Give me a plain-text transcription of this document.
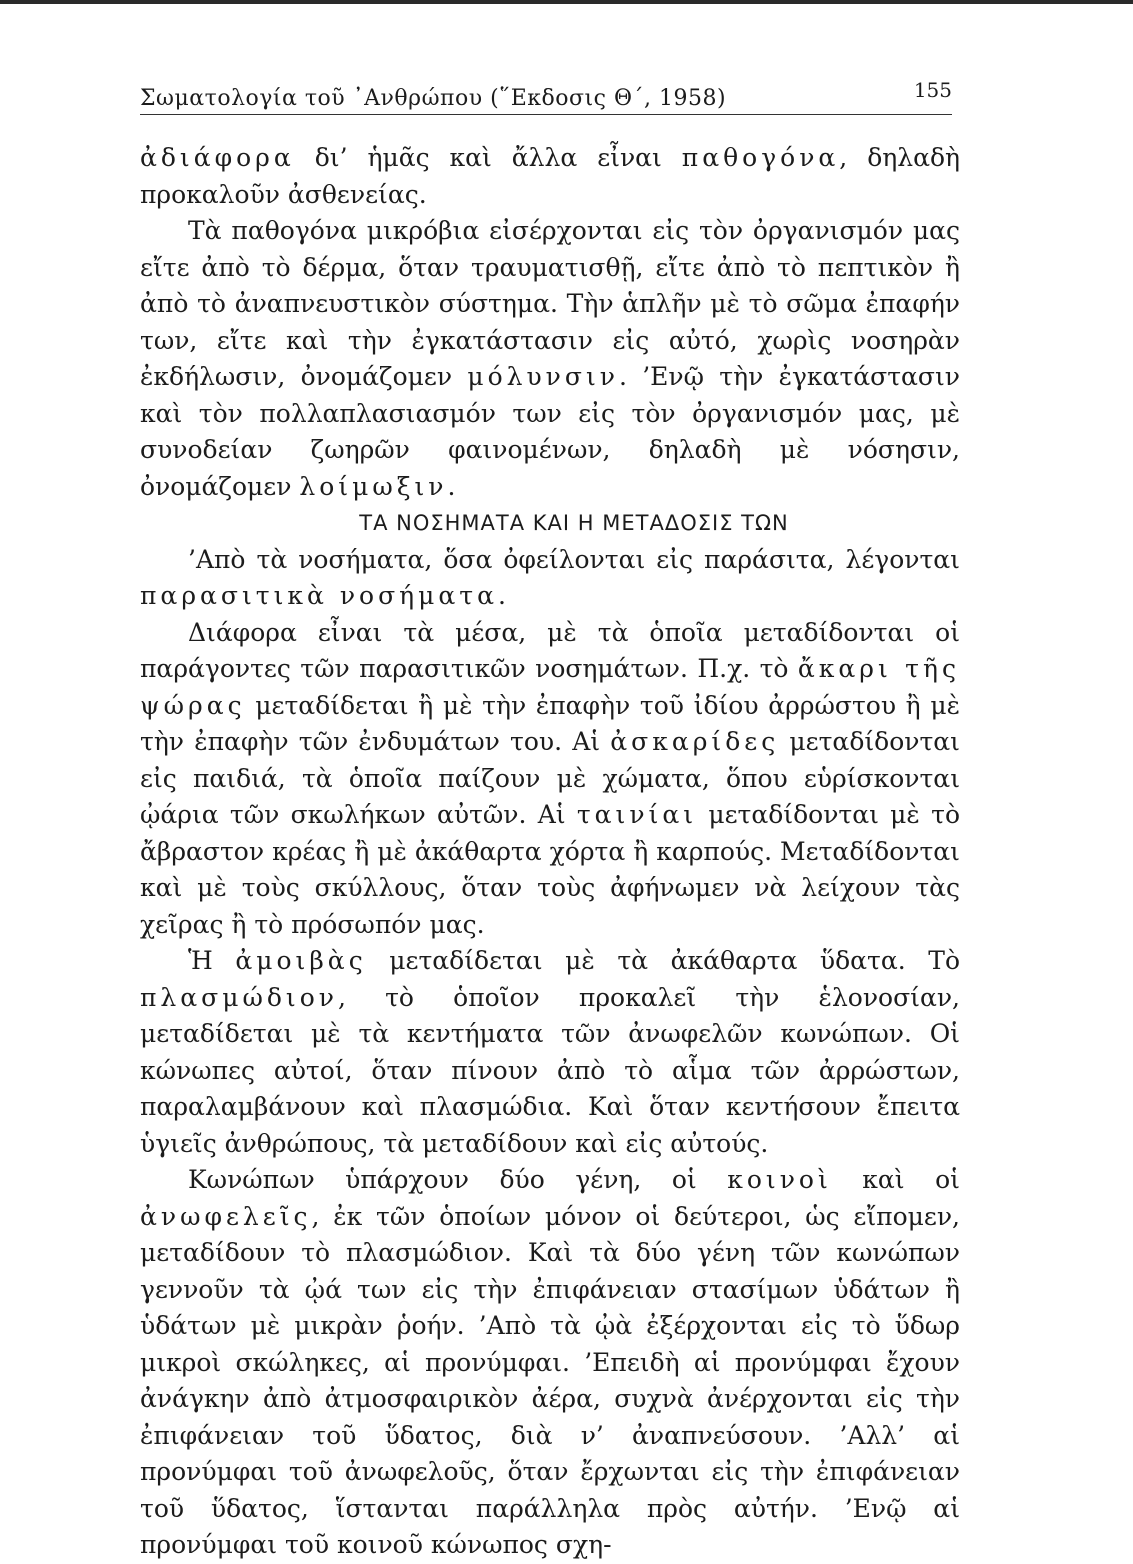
Σωματολογία τοῦ ᾿Ανθρώπου (῞Εκδοσις Θ΄, 1958)	155

ἀδιάφορα δι’ ἡμᾶς καὶ ἄλλα εἶναι παθογόνα, δηλαδὴ προκαλοῦν ἀσθενείας.

Τὰ παθογόνα μικρόβια εἰσέρχονται εἰς τὸν ὀργανισμόν μας εἴτε ἀπὸ τὸ δέρμα, ὅταν τραυματισθῇ, εἴτε ἀπὸ τὸ πεπτικὸν ἢ ἀπὸ τὸ ἀναπνευστικὸν σύστημα. Τὴν ἁπλῆν μὲ τὸ σῶμα ἐπαφήν των, εἴτε καὶ τὴν ἐγκατάστασιν εἰς αὐτό, χωρὶς νοσηρὰν ἐκδήλωσιν, ὀνομάζομεν μόλυνσιν. ’Ενῷ τὴν ἐγκατάστασιν καὶ τὸν πολλαπλασιασμόν των εἰς τὸν ὀργανισμόν μας, μὲ συνοδείαν ζωηρῶν φαινομένων, δηλαδὴ μὲ νόσησιν, ὀνομάζομεν λοίμωξιν.

ΤΑ ΝΟΣΗΜΑΤΑ ΚΑΙ Η ΜΕΤΑΔΟΣΙΣ ΤΩΝ

’Απὸ τὰ νοσήματα, ὅσα ὀφείλονται εἰς παράσιτα, λέγονται παρασιτικὰ νοσήματα.

Διάφορα εἶναι τὰ μέσα, μὲ τὰ ὁποῖα μεταδίδονται οἱ παράγοντες τῶν παρασιτικῶν νοσημάτων. Π.χ. τὸ ἄκαρι τῆς ψώρας μεταδίδεται ἢ μὲ τὴν ἐπαφὴν τοῦ ἰδίου ἀρρώστου ἢ μὲ τὴν ἐπαφὴν τῶν ἐνδυμάτων του. Αἱ ἀσκαρίδες μεταδίδονται εἰς παιδιά, τὰ ὁποῖα παίζουν μὲ χώματα, ὅπου εὑρίσκονται ᾠάρια τῶν σκωλήκων αὐτῶν. Αἱ ταινίαι μεταδίδονται μὲ τὸ ἄβραστον κρέας ἢ μὲ ἀκάθαρτα χόρτα ἢ καρπούς. Μεταδίδονται καὶ μὲ τοὺς σκύλλους, ὅταν τοὺς ἀφήνωμεν νὰ λείχουν τὰς χεῖρας ἢ τὸ πρόσωπόν μας.

Ἡ ἀμοιβὰς μεταδίδεται μὲ τὰ ἀκάθαρτα ὕδατα. Τὸ πλασμώδιον, τὸ ὁποῖον προκαλεῖ τὴν ἑλονοσίαν, μεταδίδεται μὲ τὰ κεντήματα τῶν ἀνωφελῶν κωνώπων. Οἱ κώνωπες αὐτοί, ὅταν πίνουν ἀπὸ τὸ αἷμα τῶν ἀρρώστων, παραλαμβάνουν καὶ πλασμώδια. Καὶ ὅταν κεντήσουν ἔπειτα ὑγιεῖς ἀνθρώπους, τὰ μεταδίδουν καὶ εἰς αὐτούς.

Κωνώπων ὑπάρχουν δύο γένη, οἱ κοινοὶ καὶ οἱ ἀνωφελεῖς, ἐκ τῶν ὁποίων μόνον οἱ δεύτεροι, ὡς εἴπομεν, μεταδίδουν τὸ πλασμώδιον. Καὶ τὰ δύο γένη τῶν κωνώπων γεννοῦν τὰ ᾠά των εἰς τὴν ἐπιφάνειαν στασίμων ὑδάτων ἢ ὑδάτων μὲ μικρὰν ῥοήν. ’Απὸ τὰ ᾠὰ ἐξέρχονται εἰς τὸ ὕδωρ μικροὶ σκώληκες, αἱ προνύμφαι. ’Επειδὴ αἱ προνύμφαι ἔχουν ἀνάγκην ἀπὸ ἀτμοσφαιρικὸν ἀέρα, συχνὰ ἀνέρχονται εἰς τὴν ἐπιφάνειαν τοῦ ὕδατος, διὰ ν’ ἀναπνεύσουν. ’Αλλ’ αἱ προνύμφαι τοῦ ἀνωφελοῦς, ὅταν ἔρχωνται εἰς τὴν ἐπιφάνειαν τοῦ ὕδατος, ἵστανται παράλληλα πρὸς αὐτήν. ’Ενῷ αἱ προνύμφαι τοῦ κοινοῦ κώνωπος σχη-
